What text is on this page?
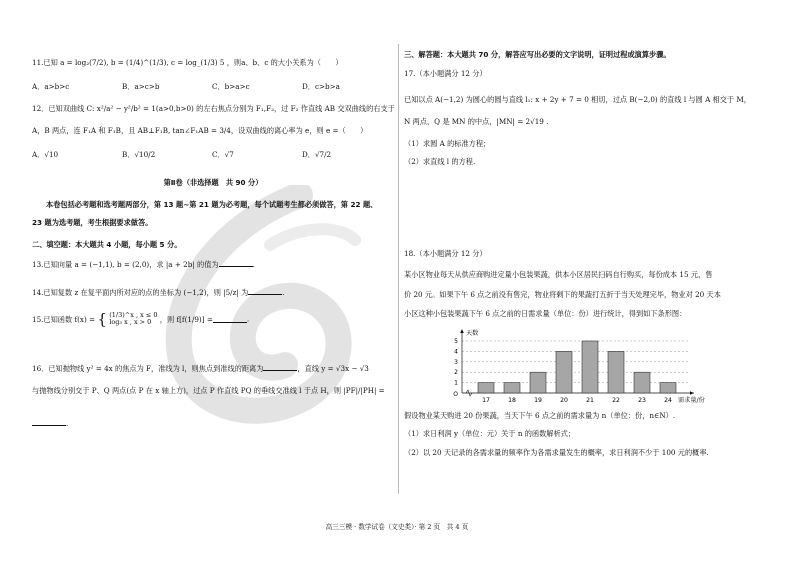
11.已知 a = log₂(7/2), b = (1/4)^(1/3), c = log_(1/3) 5 ，则a、b、c 的大小关系为（　　）
A．a>b>c	B．a>c>b	C．b>a>c	D．c>b>a
12．已知双曲线 C: x²/a² − y²/b² = 1(a>0,b>0) 的左右焦点分别为 F₁,F₂，过 F₂ 作直线 AB 交双曲线的右支于
A，B 两点，连 F₁A 和 F₁B，且 AB⊥F₁B, tan∠F₁AB = 3/4，设双曲线的离心率为 e，则 e =（　　）
A．√10	B．√10/2	C．√7	D．√7/2
第Ⅱ卷（非选择题　共 90 分）
本卷包括必考题和选考题两部分，第 13 题~第 21 题为必考题，每个试题考生都必须做答，第 22 题、
23 题为选考题，考生根据要求做答。
二、填空题：本大题共 4 小题，每小题 5 分。
13.已知向量 a = (−1,1), b = (2,0)，求 |a + 2b| 的值为	.
14.已知复数 z 在复平面内所对应的点的坐标为 (−1,2)，则 |5/z| 为	.
15.已知函数 f(x) = { (1/3)^x , x ≤ 0
log₃ x , x > 0	，则 f[f(1/9)] =	.
16．已知抛物线 y² = 4x 的焦点为 F，准线为 l，则焦点到准线的距离为	，直线 y = √3x − √3
与抛物线分别交于 P、Q 两点(点 P 在 x 轴上方)，过点 P 作直线 PQ 的垂线交准线 l 于点 H，则 |PF|/|PH| =
.
三、解答题：本大题共 70 分，解答应写出必要的文字说明，证明过程或演算步骤。
17.（本小题满分 12 分）
已知以点 A(−1,2) 为圆心的圆与直线 l₁: x + 2y + 7 = 0 相切，过点 B(−2,0) 的直线 l 与圆 A 相交于 M，
N 两点，Q 是 MN 的中点，|MN| = 2√19 .
（1）求圆 A 的标准方程；
（2）求直线 l 的方程.
18.（本小题满分 12 分）
某小区物业每天从供应商购进定量小包装果蔬，供本小区居民扫码自行购买，每份成本 15 元，售
价 20 元。如果下午 6 点之前没有售完，物业将剩下的果蔬打五折于当天处理完毕，物业对 20 天本
小区这种小包装果蔬下午 6 点之前的日需求量（单位：份）进行统计，得到如下条形图：
1
2
3
4
5
天数
O
17	18	19	20	21	22	23	24 需求量/份
假设物业某天购进 20 份果蔬，当天下午 6 点之前的需求量为 n（单位：份，n∈N）.
（1）求日利润 y（单位：元）关于 n 的函数解析式；
（2）以 20 天记录的各需求量的频率作为各需求量发生的概率，求日利润不少于 100 元的概率.
高三三模 · 数学试卷（文史类）· 第 2 页　共 4 页
